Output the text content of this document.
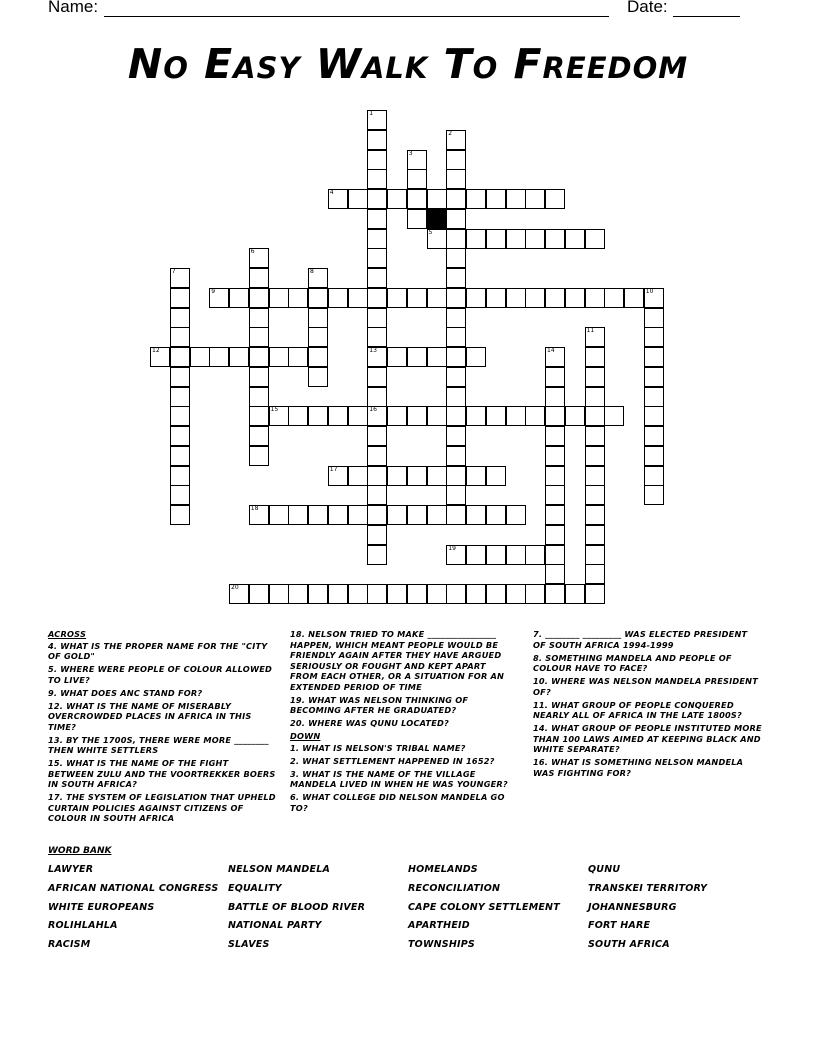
Name:	Date:
No Easy Walk To Freedom
4
5
9
12	13
15	16
17
18
19
20
1
2
3
6
7	8
10
11
14
ACROSS
4. WHAT IS THE PROPER NAME FOR THE "CITY OF GOLD"
5. WHERE WERE PEOPLE OF COLOUR ALLOWED TO LIVE?
9. WHAT DOES ANC STAND FOR?
12. WHAT IS THE NAME OF MISERABLY OVERCROWDED PLACES IN AFRICA IN THIS TIME?
13. BY THE 1700S, THERE WERE MORE ________ THEN WHITE SETTLERS
15. WHAT IS THE NAME OF THE FIGHT BETWEEN ZULU AND THE VOORTREKKER BOERS IN SOUTH AFRICA?
17. THE SYSTEM OF LEGISLATION THAT UPHELD CURTAIN POLICIES AGAINST CITIZENS OF COLOUR IN SOUTH AFRICA
18. NELSON TRIED TO MAKE ________________ HAPPEN, WHICH MEANT PEOPLE WOULD BE FRIENDLY AGAIN AFTER THEY HAVE ARGUED SERIOUSLY OR FOUGHT AND KEPT APART FROM EACH OTHER, OR A SITUATION FOR AN EXTENDED PERIOD OF TIME
19. WHAT WAS NELSON THINKING OF BECOMING AFTER HE GRADUATED?
20. WHERE WAS QUNU LOCATED?
DOWN
1. WHAT IS NELSON'S TRIBAL NAME?
2. WHAT SETTLEMENT HAPPENED IN 1652?
3. WHAT IS THE NAME OF THE VILLAGE MANDELA LIVED IN WHEN HE WAS YOUNGER?
6. WHAT COLLEGE DID NELSON MANDELA GO TO?
7. ________ _________ WAS ELECTED PRESIDENT OF SOUTH AFRICA 1994-1999
8. SOMETHING MANDELA AND PEOPLE OF COLOUR HAVE TO FACE?
10. WHERE WAS NELSON MANDELA PRESIDENT OF?
11. WHAT GROUP OF PEOPLE CONQUERED NEARLY ALL OF AFRICA IN THE LATE 1800S?
14. WHAT GROUP OF PEOPLE INSTITUTED MORE THAN 100 LAWS AIMED AT KEEPING BLACK AND WHITE SEPARATE?
16. WHAT IS SOMETHING NELSON MANDELA WAS FIGHTING FOR?
WORD BANK
LAWYER
AFRICAN NATIONAL CONGRESS
WHITE EUROPEANS
ROLIHLAHLA
RACISM
NELSON MANDELA
EQUALITY
BATTLE OF BLOOD RIVER
NATIONAL PARTY
SLAVES
HOMELANDS
RECONCILIATION
CAPE COLONY SETTLEMENT
APARTHEID
TOWNSHIPS
QUNU
TRANSKEI TERRITORY
JOHANNESBURG
FORT HARE
SOUTH AFRICA
